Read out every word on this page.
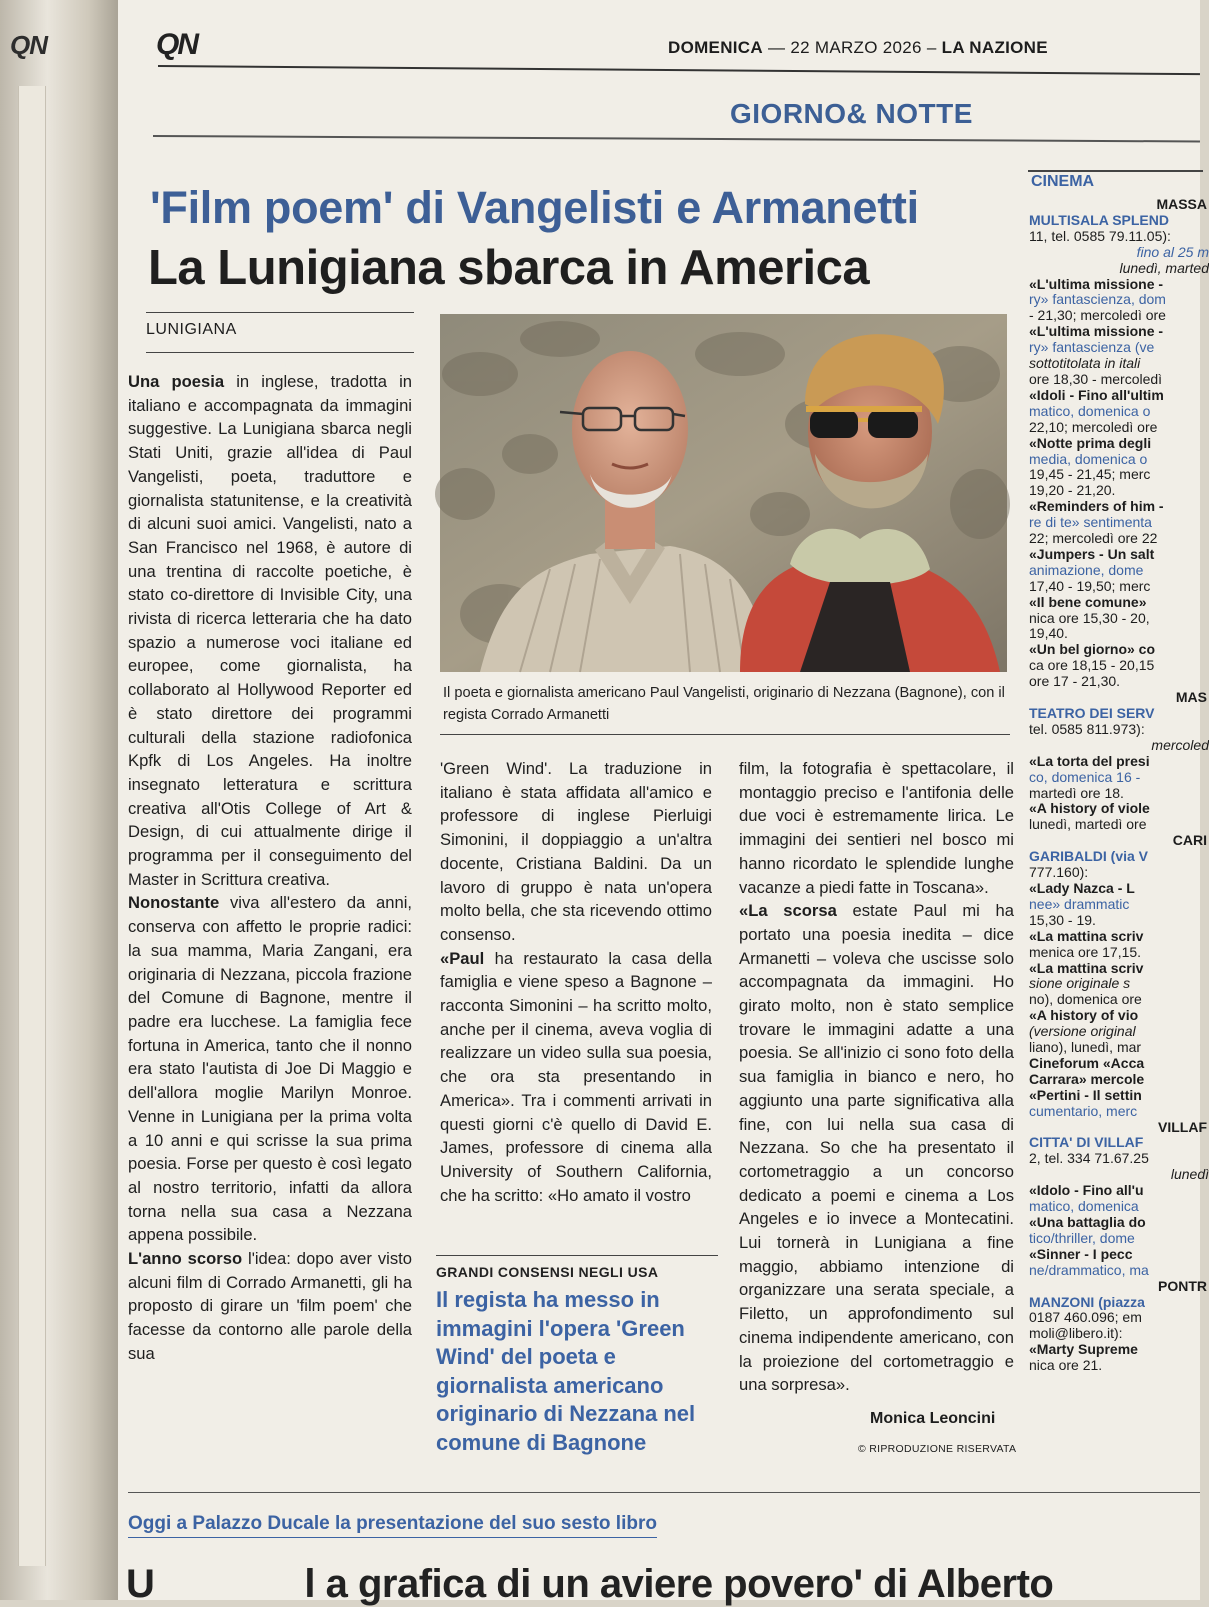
QN	QN	DOMENICA — 22 MARZO 2026 – LA NAZIONE
GIORNO& NOTTE
'Film poem' di Vangelisti e Armanetti
La Lunigiana sbarca in America
LUNIGIANA
Il poeta e giornalista americano Paul Vangelisti, originario di Nezzana (Bagnone), con il regista Corrado Armanetti

Una poesia in inglese, tradotta in italiano e accompagnata da immagini suggestive. La Lunigiana sbarca negli Stati Uniti, grazie all'idea di Paul Vangelisti, poeta, traduttore e giornalista statunitense, e la creatività di alcuni suoi amici. Vangelisti, nato a San Francisco nel 1968, è autore di una trentina di raccolte poetiche, è stato co-direttore di Invisible City, una rivista di ricerca letteraria che ha dato spazio a numerose voci italiane ed europee, come giornalista, ha collaborato al Hollywood Reporter ed è stato direttore dei programmi culturali della stazione radiofonica Kpfk di Los Angeles. Ha inoltre insegnato letteratura e scrittura creativa all'Otis College of Art & Design, di cui attualmente dirige il programma per il conseguimento del Master in Scrittura creativa.

Nonostante viva all'estero da anni, conserva con affetto le proprie radici: la sua mamma, Maria Zangani, era originaria di Nezzana, piccola frazione del Comune di Bagnone, mentre il padre era lucchese. La famiglia fece fortuna in America, tanto che il nonno era stato l'autista di Joe Di Maggio e dell'allora moglie Marilyn Monroe. Venne in Lunigiana per la prima volta a 10 anni e qui scrisse la sua prima poesia. Forse per questo è così legato al nostro territorio, infatti da allora torna nella sua casa a Nezzana appena possibile.

L'anno scorso l'idea: dopo aver visto alcuni film di Corrado Armanetti, gli ha proposto di girare un 'film poem' che facesse da contorno alle parole della sua

'Green Wind'. La traduzione in italiano è stata affidata all'amico e professore di inglese Pierluigi Simonini, il doppiaggio a un'altra docente, Cristiana Baldini. Da un lavoro di gruppo è nata un'opera molto bella, che sta ricevendo ottimo consenso.

«Paul ha restaurato la casa della famiglia e viene speso a Bagnone – racconta Simonini – ha scritto molto, anche per il cinema, aveva voglia di realizzare un video sulla sua poesia, che ora sta presentando in America». Tra i commenti arrivati in questi giorni c'è quello di David E. James, professore di cinema alla University of Southern California, che ha scritto: «Ho amato il vostro

film, la fotografia è spettacolare, il montaggio preciso e l'antifonia delle due voci è estremamente lirica. Le immagini dei sentieri nel bosco mi hanno ricordato le splendide lunghe vacanze a piedi fatte in Toscana».

«La scorsa estate Paul mi ha portato una poesia inedita – dice Armanetti – voleva che uscisse solo accompagnata da immagini. Ho girato molto, non è stato semplice trovare le immagini adatte a una poesia. Se all'inizio ci sono foto della sua famiglia in bianco e nero, ho aggiunto una parte significativa alla fine, con lui nella sua casa di Nezzana. So che ha presentato il cortometraggio a un concorso dedicato a poemi e cinema a Los Angeles e io invece a Montecatini. Lui tornerà in Lunigiana a fine maggio, abbiamo intenzione di organizzare una serata speciale, a Filetto, un approfondimento sul cinema indipendente americano, con la proiezione del cortometraggio e una sorpresa».

GRANDI CONSENSI NEGLI USA
Il regista ha messo in immagini l'opera 'Green Wind' del poeta e giornalista americano originario di Nezzana nel comune di Bagnone
Monica Leoncini
© RIPRODUZIONE RISERVATA
CINEMA
MASSA
MULTISALA SPLEND
11, tel. 0585 79.11.05):
fino al 25 m
lunedì, marted
«L'ultima missione -
ry» fantascienza, dom
- 21,30; mercoledì ore
«L'ultima missione -
ry» fantascienza (ve
sottotitolata in itali
ore 18,30 - mercoledì
«Idoli - Fino all'ultim
matico, domenica o
22,10; mercoledì ore
«Notte prima degli
media, domenica o
19,45 - 21,45; merc
19,20 - 21,20.
«Reminders of him -
re di te» sentimenta
22; mercoledì ore 22
«Jumpers - Un salt
animazione, dome
17,40 - 19,50; merc
«Il bene comune»
nica ore 15,30 - 20,
19,40.
«Un bel giorno» co
ca ore 18,15 - 20,15
ore 17 - 21,30.
MAS
TEATRO DEI SERV
tel. 0585 811.973):
mercoled
«La torta del presi
co, domenica 16 -
martedì ore 18.
«A history of viole
lunedì, martedì ore
CARI
GARIBALDI (via V
777.160):
«Lady Nazca - L
nee» drammatic
15,30 - 19.
«La mattina scriv
menica ore 17,15.
«La mattina scriv
sione originale s
no), domenica ore
«A history of vio
(versione original
liano), lunedì, mar
Cineforum «Acca
Carrara» mercole
«Pertini - Il settin
cumentario, merc
VILLAF
CITTA' DI VILLAF
2, tel. 334 71.67.25
lunedì
«Idolo - Fino all'u
matico, domenica
«Una battaglia do
tico/thriller, dome
«Sinner - I pecc
ne/drammatico, ma
PONTR
MANZONI (piazza
0187 460.096; em
moli@libero.it):
«Marty Supreme
nica ore 21.
Oggi a Palazzo Ducale la presentazione del suo sesto libro
U	l a grafica di un aviere povero' di Alberto
